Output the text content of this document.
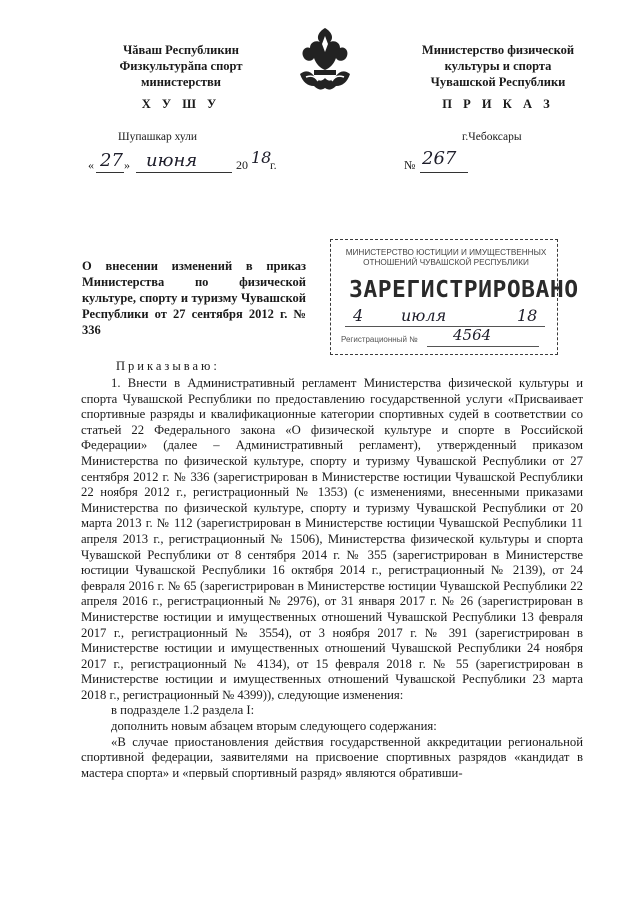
Чăваш Республикин
Физкультурăпа спорт
министерстви
Х У Ш У
Министерство физической
культуры и спорта
Чувашской Республики
П Р И К А З
Шупашкар хули	г.Чебоксары
« 27 » июня	20 18
г.	№ 267
О внесении изменений в приказ Министерства по физической культуре, спорту и туризму Чувашской Республики от 27 сентября 2012 г. № 336
МИНИСТЕРСТВО ЮСТИЦИИ И ИМУЩЕСТВЕННЫХ
ОТНОШЕНИЙ ЧУВАШСКОЙ РЕСПУБЛИКИ
ЗАРЕГИСТРИРОВАНО
4 июля	18
Регистрационный № 4564
Приказываю:

1. Внести в Административный регламент Министерства физической культуры и спорта Чувашской Республики по предоставлению государственной услуги «Присваивает спортивные разряды и квалификационные категории спортивных судей в соответствии со статьей 22 Федерального закона «О физической культуре и спорте в Российской Федерации» (далее – Административный регламент), утвержденный приказом Министерства по физической культуре, спорту и туризму Чувашской Республики от 27 сентября 2012 г. № 336 (зарегистрирован в Министерстве юстиции Чувашской Республики 22 ноября 2012 г., регистрационный № 1353) (с изменениями, внесенными приказами Министерства по физической культуре, спорту и туризму Чувашской Республики от 20 марта 2013 г. № 112 (зарегистрирован в Министерстве юстиции Чувашской Республики 11 апреля 2013 г., регистрационный № 1506), Министерства физической культуры и спорта Чувашской Республики от 8 сентября 2014 г. № 355 (зарегистрирован в Министерстве юстиции Чувашской Республики 16 октября 2014 г., регистрационный № 2139), от 24 февраля 2016 г. № 65 (зарегистрирован в Министерстве юстиции Чувашской Республики 22 апреля 2016 г., регистрационный № 2976), от 31 января 2017 г. № 26 (зарегистрирован в Министерстве юстиции и имущественных отношений Чувашской Республики 13 февраля 2017 г., регистрационный № 3554), от 3 ноября 2017 г. № 391 (зарегистрирован в Министерстве юстиции и имущественных отношений Чувашской Республики 24 ноября 2017 г., регистрационный № 4134), от 15 февраля 2018 г. № 55 (зарегистрирован в Министерстве юстиции и имущественных отношений Чувашской Республики 23 марта 2018 г., регистрационный № 4399)), следующие изменения:

в подразделе 1.2 раздела I:

дополнить новым абзацем вторым следующего содержания:

«В случае приостановления действия государственной аккредитации региональной спортивной федерации, заявителями на присвоение спортивных разрядов «кандидат в мастера спорта» и «первый спортивный разряд» являются обративши-
